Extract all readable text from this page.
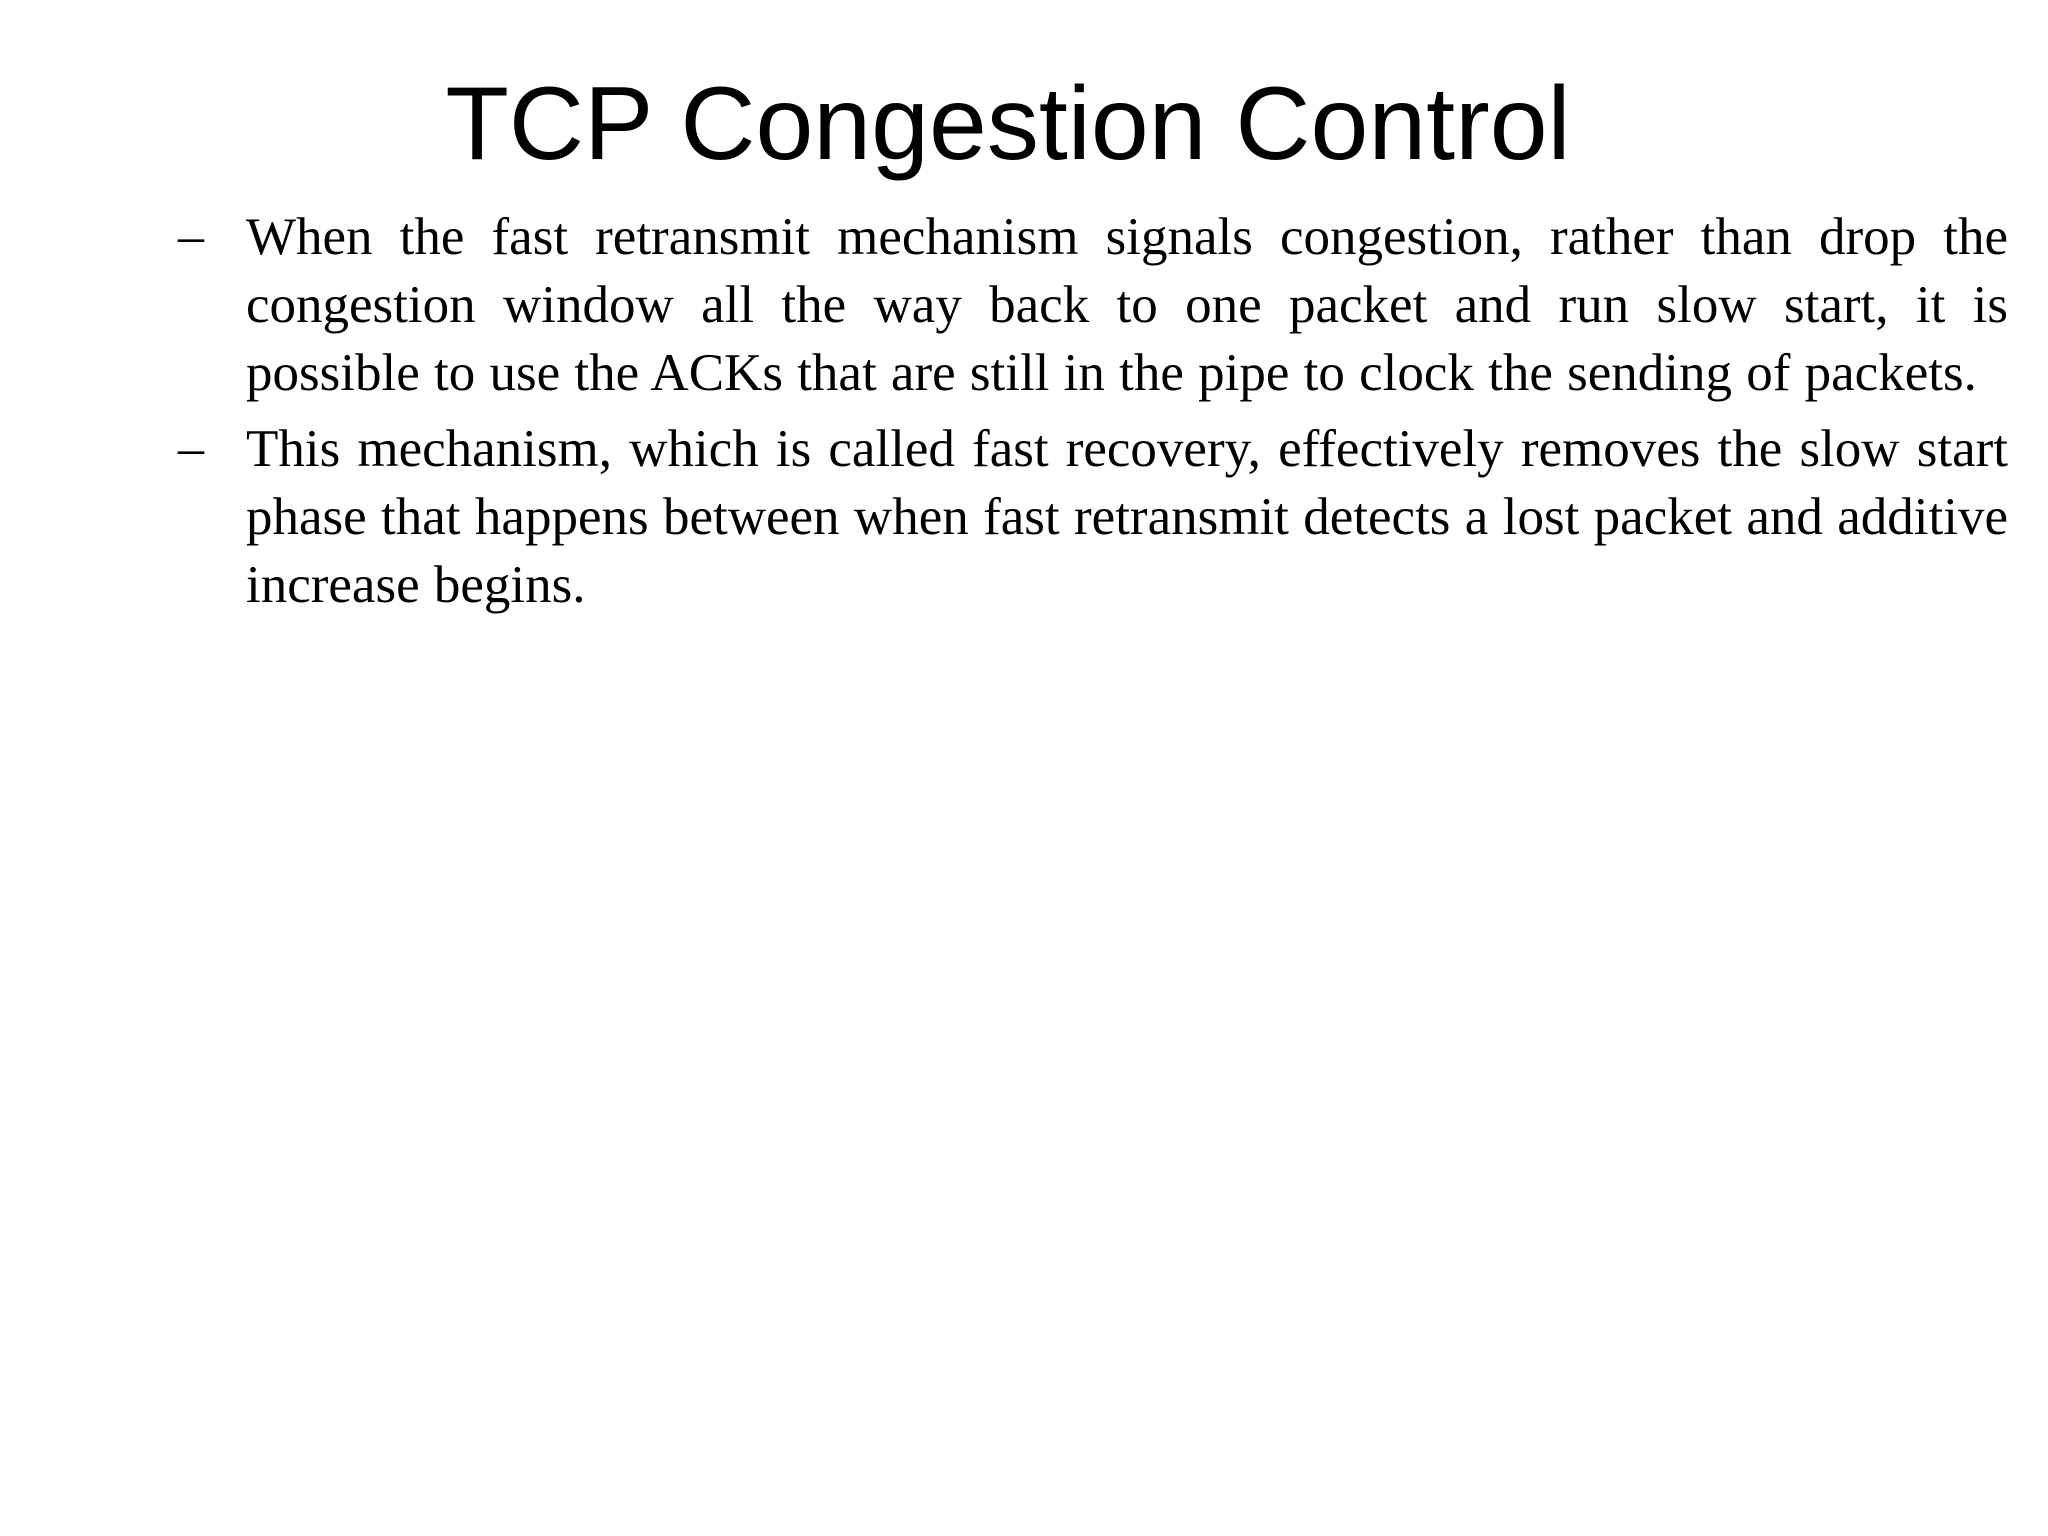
TCP Congestion Control
– When the fast retransmit mechanism signals congestion, rather than drop the congestion window all the way back to one packet and run slow start, it is possible to use the ACKs that are still in the pipe to clock the sending of packets.
– This mechanism, which is called fast recovery, effectively removes the slow start phase that happens between when fast retransmit detects a lost packet and additive increase begins.
